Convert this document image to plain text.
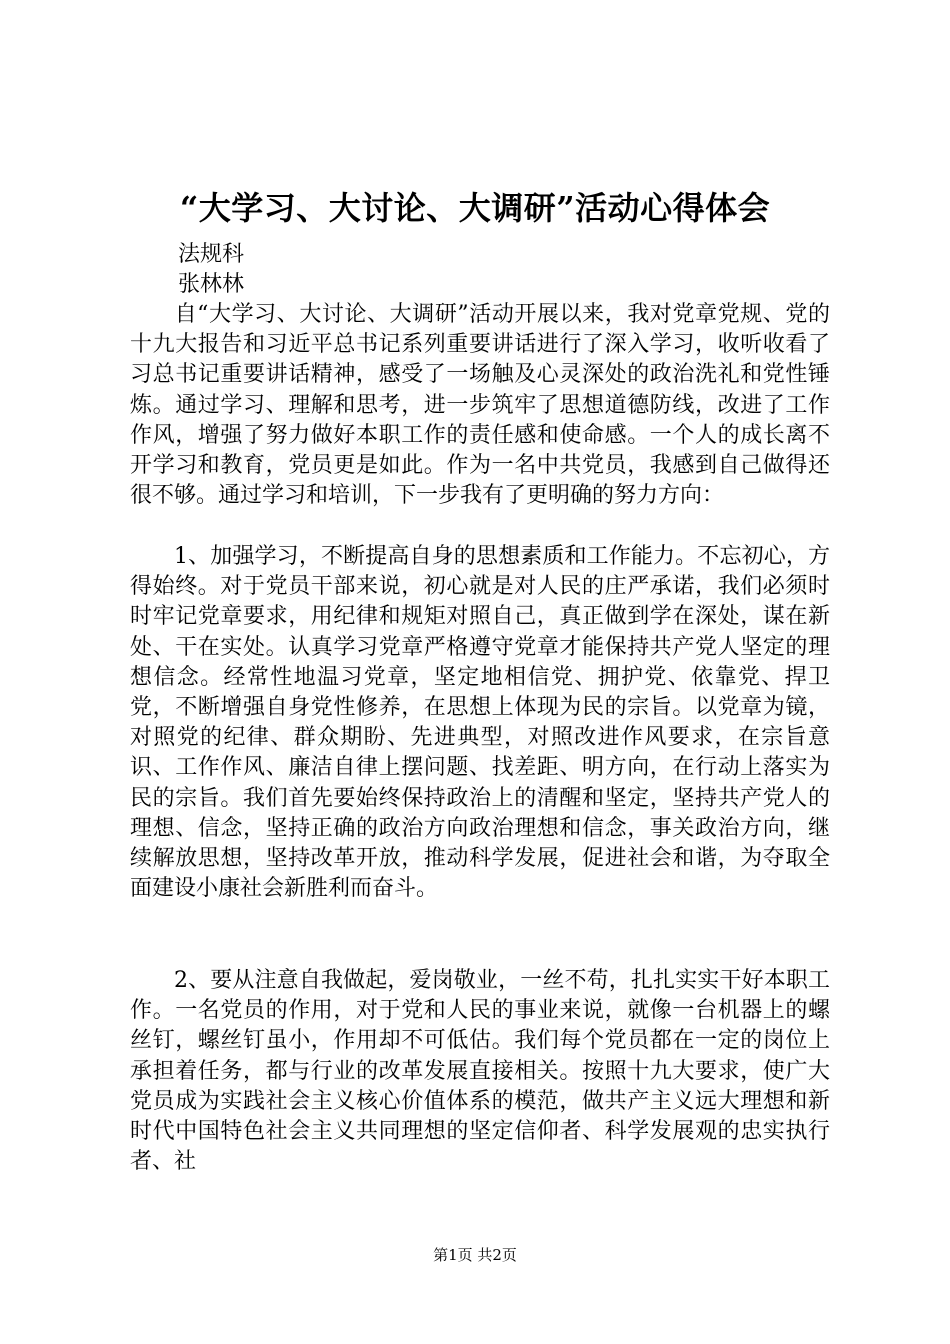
“大学习、大讨论、大调研”活动心得体会
法规科
张林林
自“大学习、大讨论、大调研”活动开展以来，我对党章党规、党的十九大报告和习近平总书记系列重要讲话进行了深入学习，收听收看了习总书记重要讲话精神，感受了一场触及心灵深处的政治洗礼和党性锤炼。通过学习、理解和思考，进一步筑牢了思想道德防线，改进了工作作风，增强了努力做好本职工作的责任感和使命感。一个人的成长离不开学习和教育，党员更是如此。作为一名中共党员，我感到自己做得还很不够。通过学习和培训，下一步我有了更明确的努力方向：
1、加强学习，不断提高自身的思想素质和工作能力。不忘初心，方得始终。对于党员干部来说，初心就是对人民的庄严承诺，我们必须时时牢记党章要求，用纪律和规矩对照自己，真正做到学在深处，谋在新处、干在实处。认真学习党章严格遵守党章才能保持共产党人坚定的理想信念。经常性地温习党章，坚定地相信党、拥护党、依靠党、捍卫党，不断增强自身党性修养，在思想上体现为民的宗旨。以党章为镜，对照党的纪律、群众期盼、先进典型，对照改进作风要求，在宗旨意识、工作作风、廉洁自律上摆问题、找差距、明方向，在行动上落实为民的宗旨。我们首先要始终保持政治上的清醒和坚定，坚持共产党人的理想、信念，坚持正确的政治方向政治理想和信念，事关政治方向，继续解放思想，坚持改革开放，推动科学发展，促进社会和谐，为夺取全面建设小康社会新胜利而奋斗。
2、要从注意自我做起，爱岗敬业，一丝不苟，扎扎实实干好本职工作。一名党员的作用，对于党和人民的事业来说，就像一台机器上的螺丝钉，螺丝钉虽小，作用却不可低估。我们每个党员都在一定的岗位上承担着任务，都与行业的改革发展直接相关。按照十九大要求，使广大党员成为实践社会主义核心价值体系的模范，做共产主义远大理想和新时代中国特色社会主义共同理想的坚定信仰者、科学发展观的忠实执行者、社
第1页 共2页
